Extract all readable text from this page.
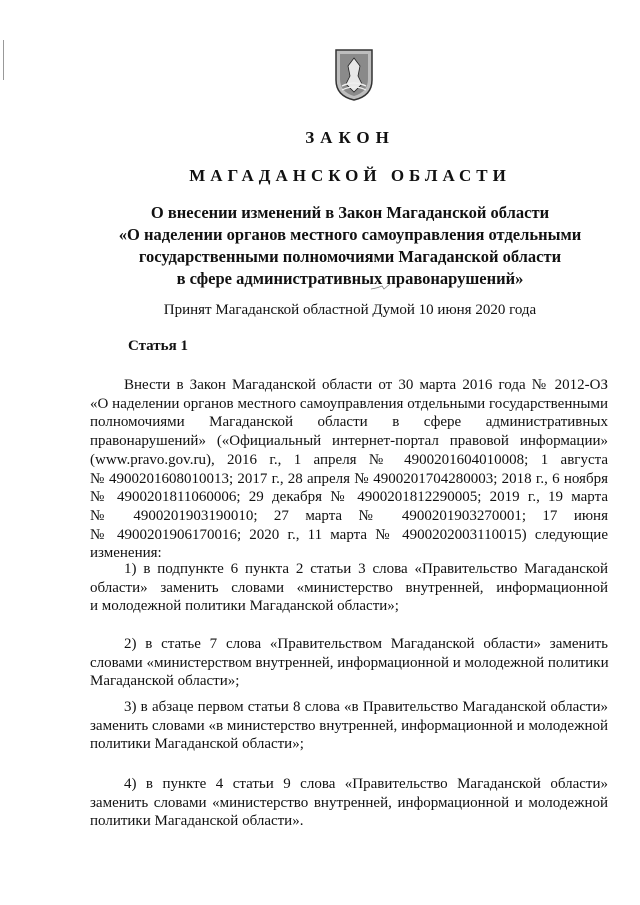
ЗАКОН
МАГАДАНСКОЙ ОБЛАСТИ
О внесении изменений в Закон Магаданской области
«О наделении органов местного самоуправления отдельными
государственными полномочиями Магаданской области
в сфере административных правонарушений»
Принят Магаданской областной Думой 10 июня 2020 года
Статья 1
Внести в Закон Магаданской области от 30 марта 2016 года № 2012-ОЗ
«О наделении органов местного самоуправления отдельными государственными
полномочиями Магаданской области в сфере административных
правонарушений» («Официальный интернет-портал правовой информации»
(www.pravo.gov.ru), 2016 г., 1 апреля № 4900201604010008; 1 августа
№ 4900201608010013; 2017 г., 28 апреля № 4900201704280003; 2018 г., 6 ноября
№ 4900201811060006; 29 декабря № 4900201812290005; 2019 г., 19 марта
№ 4900201903190010; 27 марта № 4900201903270001; 17 июня
№ 4900201906170016; 2020 г., 11 марта № 4900202003110015) следующие
изменения:
1) в подпункте 6 пункта 2 статьи 3 слова «Правительство Магаданской
области» заменить словами «министерство внутренней, информационной
и молодежной политики Магаданской области»;
2) в статье 7 слова «Правительством Магаданской области» заменить
словами «министерством внутренней, информационной и молодежной политики
Магаданской области»;
3) в абзаце первом статьи 8 слова «в Правительство Магаданской области»
заменить словами «в министерство внутренней, информационной и молодежной
политики Магаданской области»;
4) в пункте 4 статьи 9 слова «Правительство Магаданской области»
заменить словами «министерство внутренней, информационной и молодежной
политики Магаданской области».
